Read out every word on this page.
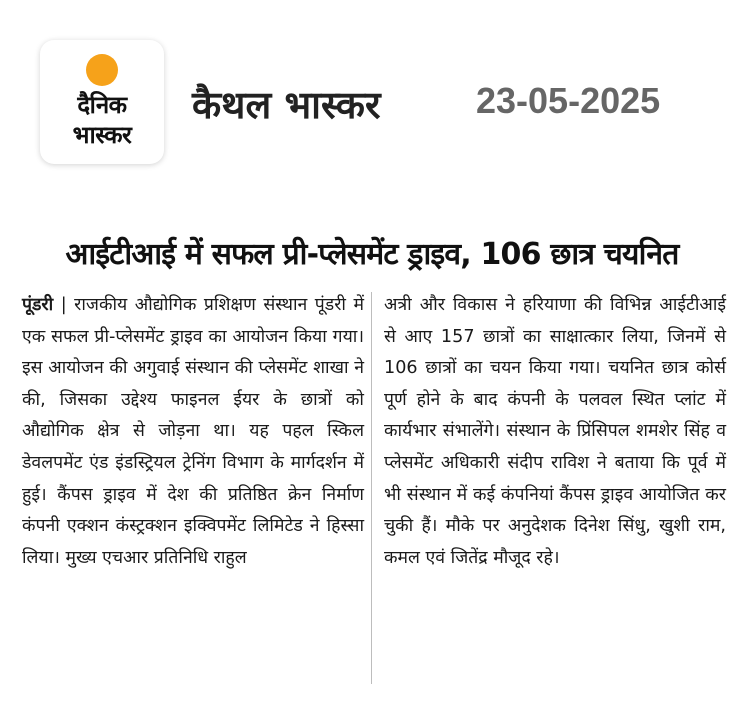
दैनिक
भास्कर
कैथल भास्कर	23-05-2025
आईटीआई में सफल प्री-प्लेसमेंट ड्राइव, 106 छात्र चयनित
पूंडरी | राजकीय औद्योगिक प्रशिक्षण संस्थान पूंडरी में एक सफल प्री-प्लेसमेंट ड्राइव का आयोजन किया गया। इस आयोजन की अगुवाई संस्थान की प्लेसमेंट शाखा ने की, जिसका उद्देश्य फाइनल ईयर के छात्रों को औद्योगिक क्षेत्र से जोड़ना था। यह पहल स्किल डेवलपमेंट एंड इंडस्ट्रियल ट्रेनिंग विभाग के मार्गदर्शन में हुई। कैंपस ड्राइव में देश की प्रतिष्ठित क्रेन निर्माण कंपनी एक्शन कंस्ट्रक्शन इक्विपमेंट लिमिटेड ने हिस्सा लिया। मुख्य एचआर प्रतिनिधि राहुल
अत्री और विकास ने हरियाणा की विभिन्न आईटीआई से आए 157 छात्रों का साक्षात्कार लिया, जिनमें से 106 छात्रों का चयन किया गया। चयनित छात्र कोर्स पूर्ण होने के बाद कंपनी के पलवल स्थित प्लांट में कार्यभार संभालेंगे। संस्थान के प्रिंसिपल शमशेर सिंह व प्लेसमेंट अधिकारी संदीप राविश ने बताया कि पूर्व में भी संस्थान में कई कंपनियां कैंपस ड्राइव आयोजित कर चुकी हैं। मौके पर अनुदेशक दिनेश सिंधु, खुशी राम, कमल एवं जितेंद्र मौजूद रहे।
